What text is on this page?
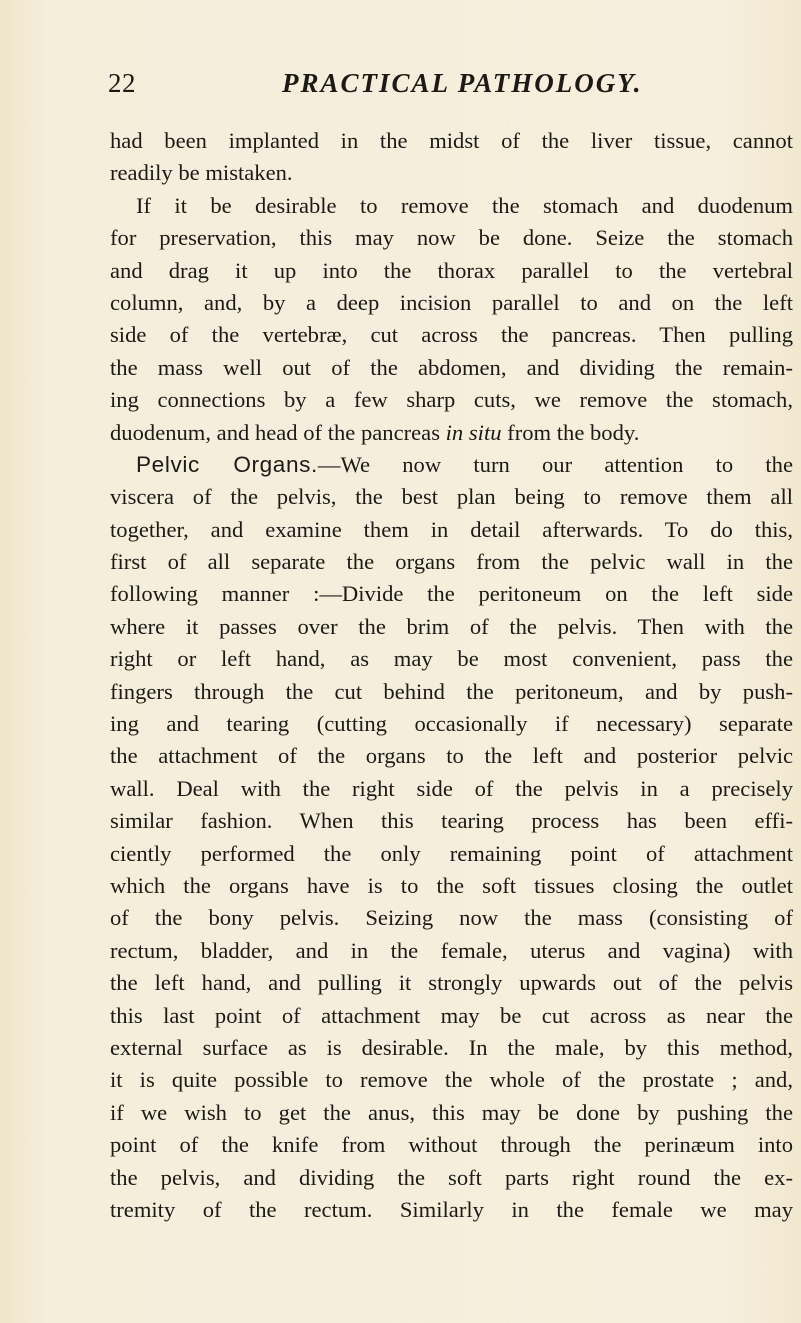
22	PRACTICAL PATHOLOGY.
had been implanted in the midst of the liver tissue, cannot
readily be mistaken.
If it be desirable to remove the stomach and duodenum
for preservation, this may now be done. Seize the stomach
and drag it up into the thorax parallel to the vertebral
column, and, by a deep incision parallel to and on the left
side of the vertebræ, cut across the pancreas. Then pulling
the mass well out of the abdomen, and dividing the remain-
ing connections by a few sharp cuts, we remove the stomach,
duodenum, and head of the pancreas in situ from the body.
Pelvic Organs.—We now turn our attention to the
viscera of the pelvis, the best plan being to remove them all
together, and examine them in detail afterwards. To do this,
first of all separate the organs from the pelvic wall in the
following manner :—Divide the peritoneum on the left side
where it passes over the brim of the pelvis. Then with the
right or left hand, as may be most convenient, pass the
fingers through the cut behind the peritoneum, and by push-
ing and tearing (cutting occasionally if necessary) separate
the attachment of the organs to the left and posterior pelvic
wall. Deal with the right side of the pelvis in a precisely
similar fashion. When this tearing process has been effi-
ciently performed the only remaining point of attachment
which the organs have is to the soft tissues closing the outlet
of the bony pelvis. Seizing now the mass (consisting of
rectum, bladder, and in the female, uterus and vagina) with
the left hand, and pulling it strongly upwards out of the pelvis
this last point of attachment may be cut across as near the
external surface as is desirable. In the male, by this method,
it is quite possible to remove the whole of the prostate ; and,
if we wish to get the anus, this may be done by pushing the
point of the knife from without through the perinæum into
the pelvis, and dividing the soft parts right round the ex-
tremity of the rectum. Similarly in the female we may
